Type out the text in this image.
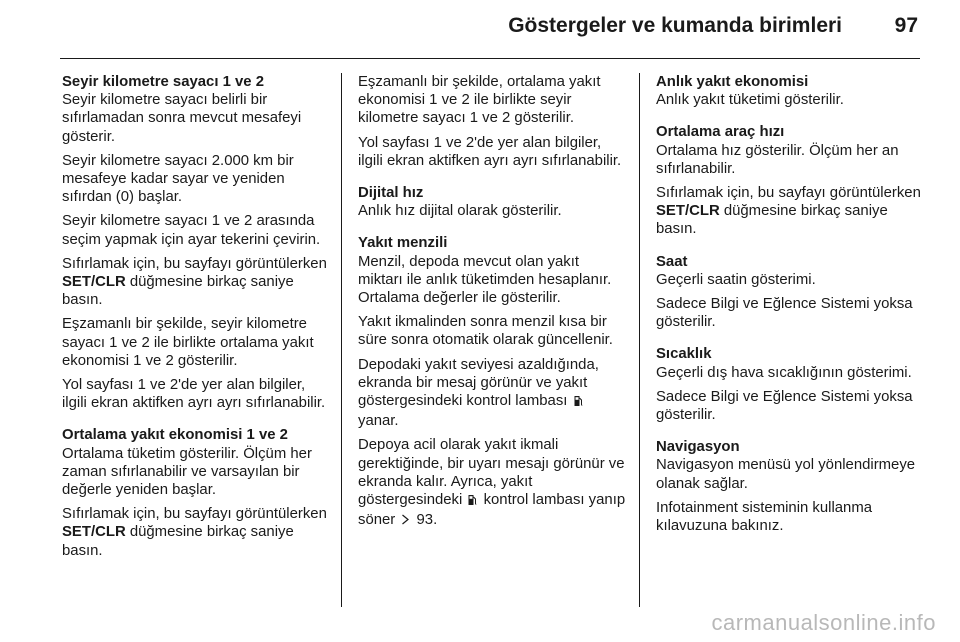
Göstergeler ve kumanda birimleri	97
Seyir kilometre sayacı 1 ve 2

Seyir kilometre sayacı belirli bir sıfırlamadan sonra mevcut mesafeyi gösterir.

Seyir kilometre sayacı 2.000 km bir mesafeye kadar sayar ve yeniden sıfırdan (0) başlar.

Seyir kilometre sayacı 1 ve 2 arasında seçim yapmak için ayar tekerini çevirin.

Sıfırlamak için, bu sayfayı görüntülerken SET/CLR düğmesine birkaç saniye basın.

Eşzamanlı bir şekilde, seyir kilometre sayacı 1 ve 2 ile birlikte ortalama yakıt ekonomisi 1 ve 2 gösterilir.

Yol sayfası 1 ve 2'de yer alan bilgiler, ilgili ekran aktifken ayrı ayrı sıfırlanabilir.

Ortalama yakıt ekonomisi 1 ve 2

Ortalama tüketim gösterilir. Ölçüm her zaman sıfırlanabilir ve varsayılan bir değerle yeniden başlar.

Sıfırlamak için, bu sayfayı görüntülerken SET/CLR düğmesine birkaç saniye basın.

Eşzamanlı bir şekilde, ortalama yakıt ekonomisi 1 ve 2 ile birlikte seyir kilometre sayacı 1 ve 2 gösterilir.

Yol sayfası 1 ve 2'de yer alan bilgiler, ilgili ekran aktifken ayrı ayrı sıfırlanabilir.

Dijital hız

Anlık hız dijital olarak gösterilir.

Yakıt menzili

Menzil, depoda mevcut olan yakıt miktarı ile anlık tüketimden hesaplanır. Ortalama değerler ile gösterilir.

Yakıt ikmalinden sonra menzil kısa bir süre sonra otomatik olarak güncellenir.

Depodaki yakıt seviyesi azaldığında, ekranda bir mesaj görünür ve yakıt göstergesindeki kontrol lambası  yanar.

Depoya acil olarak yakıt ikmali gerektiğinde, bir uyarı mesajı görünür ve ekranda kalır. Ayrıca, yakıt göstergesindeki  kontrol lambası yanıp söner  93.

Anlık yakıt ekonomisi

Anlık yakıt tüketimi gösterilir.

Ortalama araç hızı

Ortalama hız gösterilir. Ölçüm her an sıfırlanabilir.

Sıfırlamak için, bu sayfayı görüntülerken SET/CLR düğmesine birkaç saniye basın.

Saat

Geçerli saatin gösterimi.

Sadece Bilgi ve Eğlence Sistemi yoksa gösterilir.

Sıcaklık

Geçerli dış hava sıcaklığının gösterimi.

Sadece Bilgi ve Eğlence Sistemi yoksa gösterilir.

Navigasyon

Navigasyon menüsü yol yönlendirmeye olanak sağlar.

Infotainment sisteminin kullanma kılavuzuna bakınız.

carmanualsonline.info
